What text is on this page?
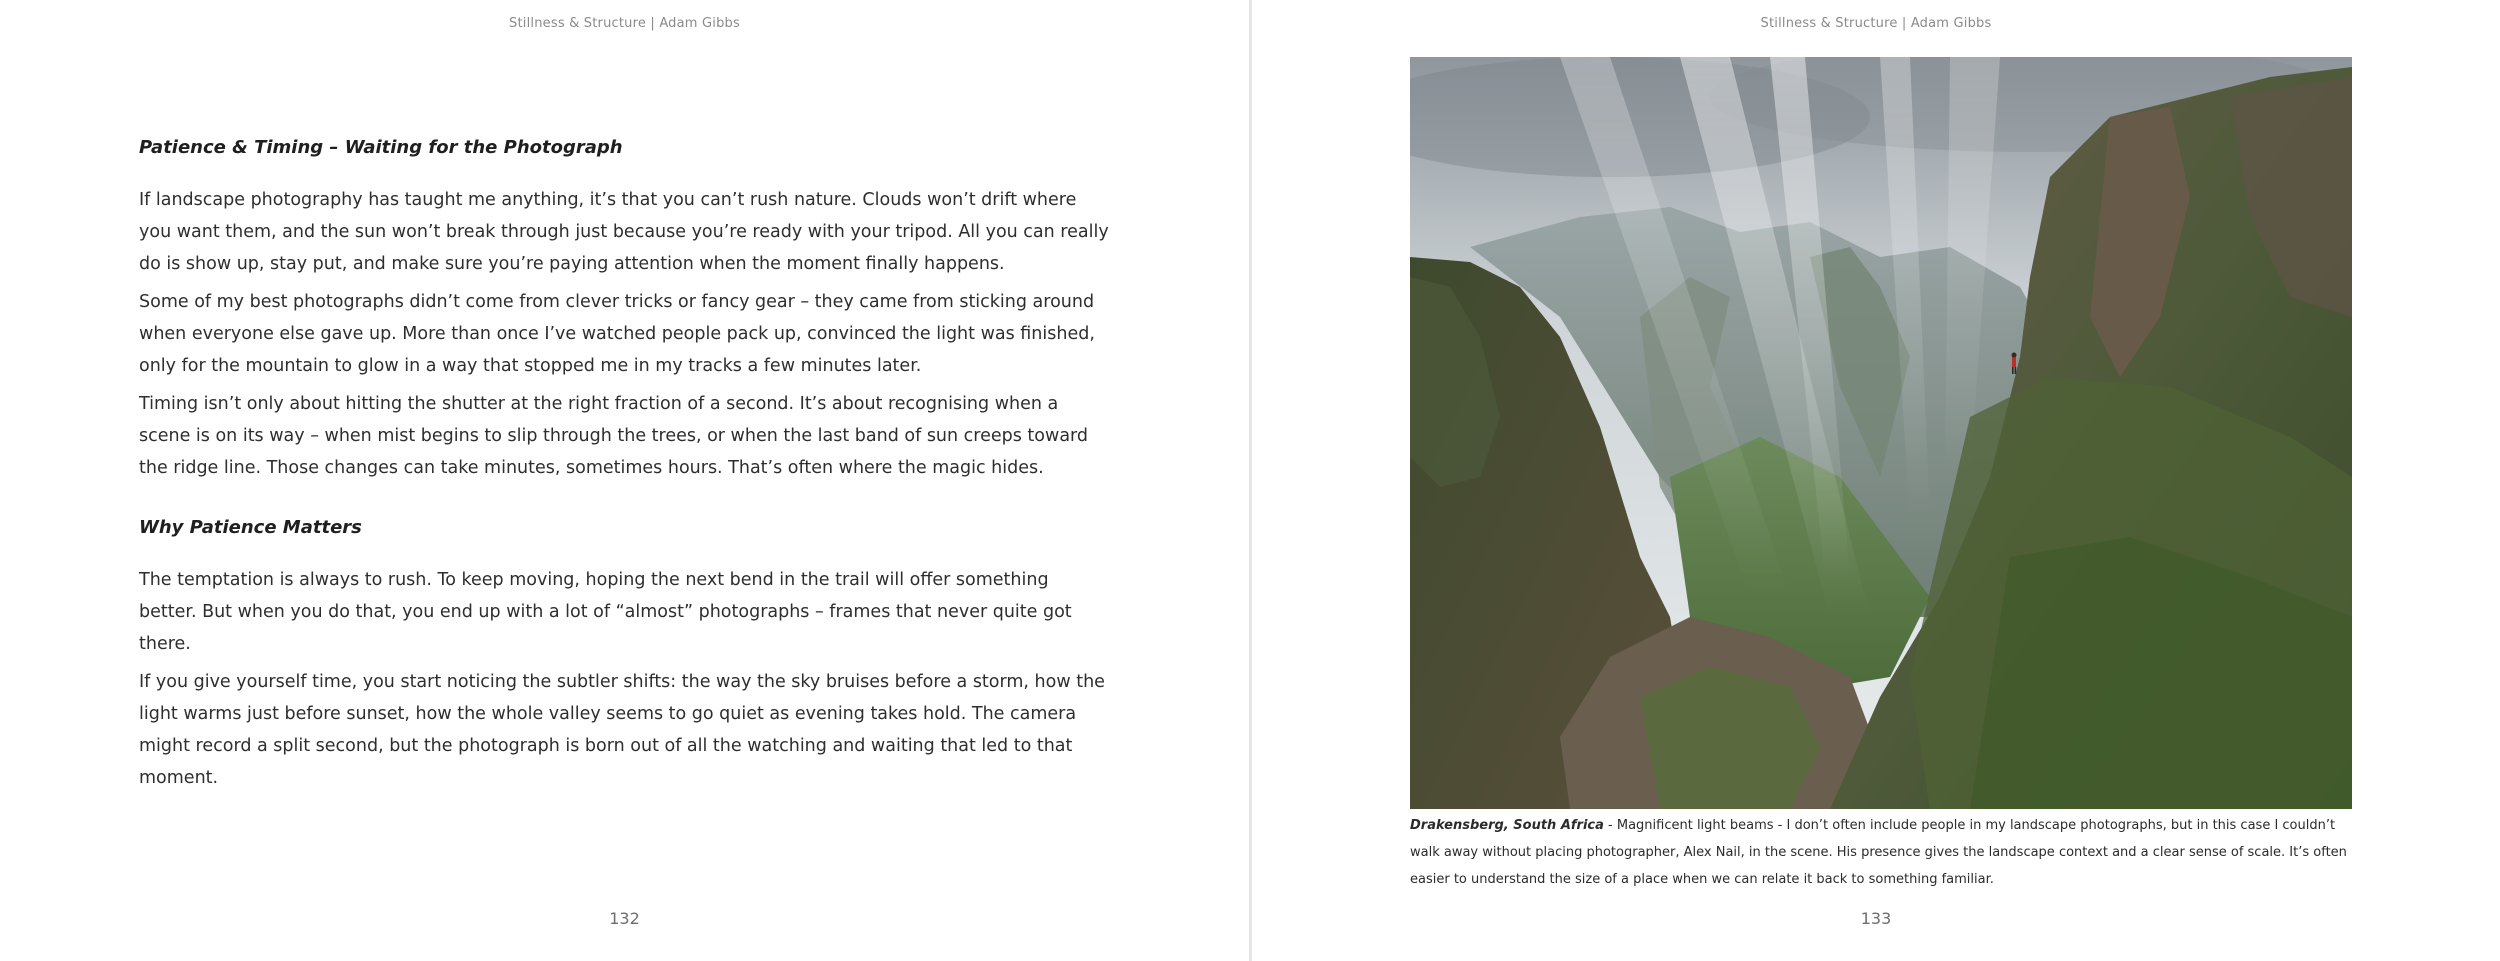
Stillness & Structure | Adam Gibbs
Patience & Timing – Waiting for the Photograph

If landscape photography has taught me anything, it’s that you can’t rush nature. Clouds won’t drift where you want them, and the sun won’t break through just because you’re ready with your tripod. All you can really do is show up, stay put, and make sure you’re paying attention when the moment finally happens.

Some of my best photographs didn’t come from clever tricks or fancy gear – they came from sticking around when everyone else gave up. More than once I’ve watched people pack up, convinced the light was finished, only for the mountain to glow in a way that stopped me in my tracks a few minutes later.

Timing isn’t only about hitting the shutter at the right fraction of a second. It’s about recognising when a scene is on its way – when mist begins to slip through the trees, or when the last band of sun creeps toward the ridge line. Those changes can take minutes, sometimes hours. That’s often where the magic hides.

Why Patience Matters

The temptation is always to rush. To keep moving, hoping the next bend in the trail will offer something better. But when you do that, you end up with a lot of “almost” photographs – frames that never quite got there.

If you give yourself time, you start noticing the subtler shifts: the way the sky bruises before a storm, how the light warms just before sunset, how the whole valley seems to go quiet as evening takes hold. The camera might record a split second, but the photograph is born out of all the watching and waiting that led to that moment.

132
Stillness & Structure | Adam Gibbs
Drakensberg, South Africa - Magnificent light beams - I don’t often include people in my landscape photographs, but in this case I couldn’t walk away without placing photographer, Alex Nail, in the scene. His presence gives the landscape context and a clear sense of scale. It’s often easier to understand the size of a place when we can relate it back to something familiar.
133
